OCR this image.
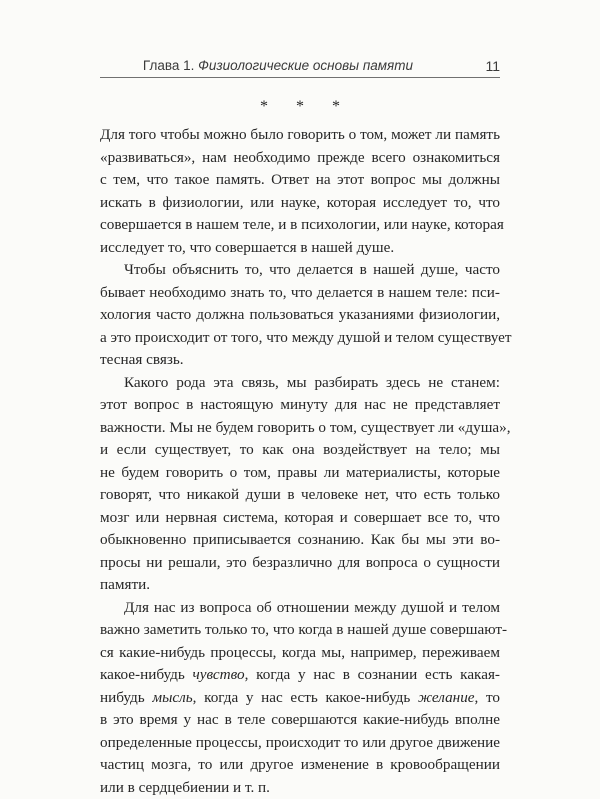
Глава 1. Физиологические основы памяти	11
* * *
Для того чтобы можно было говорить о том, может ли память
«развиваться», нам необходимо прежде всего ознакомиться
с тем, что такое память. Ответ на этот вопрос мы должны
искать в физиологии, или науке, которая исследует то, что
совершается в нашем теле, и в психологии, или науке, которая
исследует то, что совершается в нашей душе.
Чтобы объяснить то, что делается в нашей душе, часто
бывает необходимо знать то, что делается в нашем теле: пси-
хология часто должна пользоваться указаниями физиологии,
а это происходит от того, что между душой и телом существует
тесная связь.
Какого рода эта связь, мы разбирать здесь не станем:
этот вопрос в настоящую минуту для нас не представляет
важности. Мы не будем говорить о том, существует ли «душа»,
и если существует, то как она воздействует на тело; мы
не будем говорить о том, правы ли материалисты, которые
говорят, что никакой души в человеке нет, что есть только
мозг или нервная система, которая и совершает все то, что
обыкновенно приписывается сознанию. Как бы мы эти во-
просы ни решали, это безразлично для вопроса о сущности
памяти.
Для нас из вопроса об отношении между душой и телом
важно заметить только то, что когда в нашей душе совершают-
ся какие-нибудь процессы, когда мы, например, переживаем
какое-нибудь чувство, когда у нас в сознании есть какая-
нибудь мысль, когда у нас есть какое-нибудь желание, то
в это время у нас в теле совершаются какие-нибудь вполне
определенные процессы, происходит то или другое движение
частиц мозга, то или другое изменение в кровообращении
или в сердцебиении и т. п.
